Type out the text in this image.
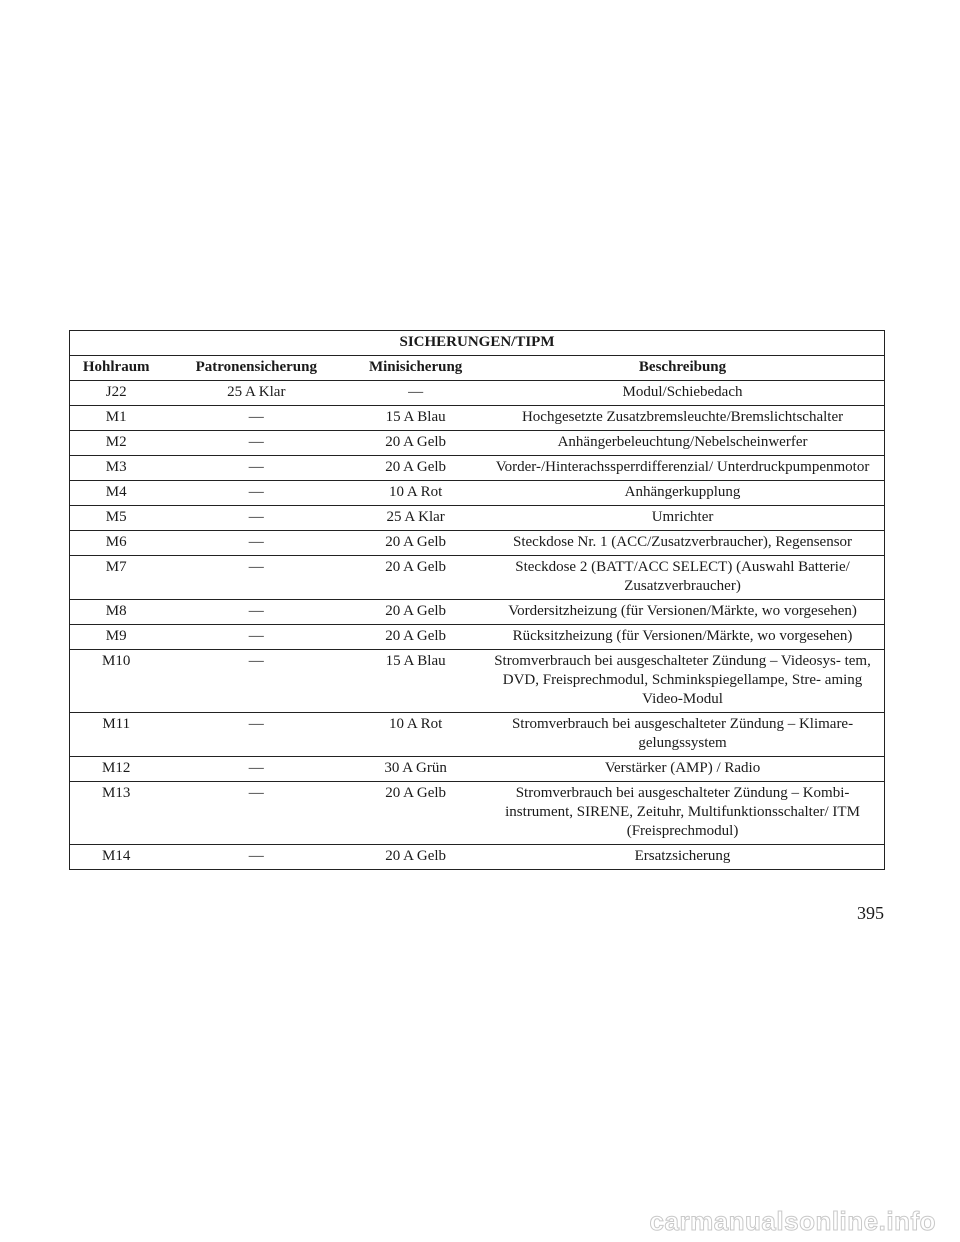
SICHERUNGEN/TIPM			
Hohlraum	Patronensicherung	Minisicherung	Beschreibung
J22	25 A Klar	—	Modul/Schiebedach
M1	—	15 A Blau	Hochgesetzte Zusatzbremsleuchte/Bremslichtschalter
M2	—	20 A Gelb	Anhängerbeleuchtung/Nebelscheinwerfer
M3	—	20 A Gelb	Vorder-/Hinterachssperrdifferenzial/ Unterdruckpumpenmotor
M4	—	10 A Rot	Anhängerkupplung
M5	—	25 A Klar	Umrichter
M6	—	20 A Gelb	Steckdose Nr. 1 (ACC/Zusatzverbraucher), Regensensor
M7	—	20 A Gelb	Steckdose 2 (BATT/ACC SELECT) (Auswahl Batterie/ Zusatzverbraucher)
M8	—	20 A Gelb	Vordersitzheizung (für Versionen/Märkte, wo vorgesehen)
M9	—	20 A Gelb	Rücksitzheizung (für Versionen/Märkte, wo vorgesehen)
M10	—	15 A Blau	Stromverbrauch bei ausgeschalteter Zündung – Videosys- tem, DVD, Freisprechmodul, Schminkspiegellampe, Stre- aming Video-Modul
M11	—	10 A Rot	Stromverbrauch bei ausgeschalteter Zündung – Klimare- gelungssystem
M12	—	30 A Grün	Verstärker (AMP) / Radio
M13	—	20 A Gelb	Stromverbrauch bei ausgeschalteter Zündung – Kombi- instrument, SIRENE, Zeituhr, Multifunktionsschalter/ ITM (Freisprechmodul)
M14	—	20 A Gelb	Ersatzsicherung
395
carmanualsonline.info
